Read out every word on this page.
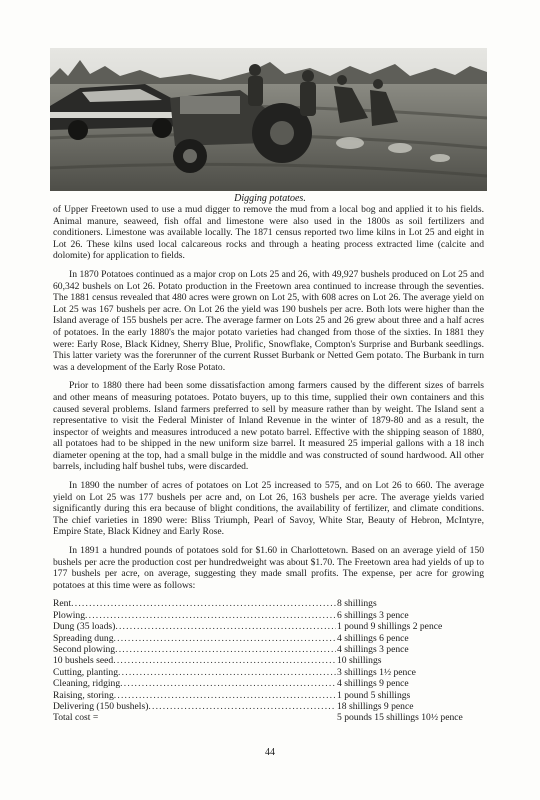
Digging potatoes.

of Upper Freetown used to use a mud digger to remove the mud from a local bog and applied it to his fields. Animal manure, seaweed, fish offal and limestone were also used in the 1800s as soil fertilizers and conditioners. Limestone was available locally. The 1871 census reported two lime kilns in Lot 25 and eight in Lot 26. These kilns used local calcareous rocks and through a heating process extracted lime (calcite and dolomite) for application to fields.

In 1870 Potatoes continued as a major crop on Lots 25 and 26, with 49,927 bushels produced on Lot 25 and 60,342 bushels on Lot 26. Potato production in the Freetown area continued to increase through the seventies. The 1881 census revealed that 480 acres were grown on Lot 25, with 608 acres on Lot 26. The average yield on Lot 25 was 167 bushels per acre. On Lot 26 the yield was 190 bushels per acre. Both lots were higher than the Island average of 155 bushels per acre. The average farmer on Lots 25 and 26 grew about three and a half acres of potatoes. In the early 1880's the major potato varieties had changed from those of the sixties. In 1881 they were: Early Rose, Black Kidney, Sherry Blue, Prolific, Snowflake, Compton's Surprise and Burbank seedlings. This latter variety was the forerunner of the current Russet Burbank or Netted Gem potato. The Burbank in turn was a development of the Early Rose Potato.

Prior to 1880 there had been some dissatisfaction among farmers caused by the different sizes of barrels and other means of measuring potatoes. Potato buyers, up to this time, supplied their own containers and this caused several problems. Island farmers preferred to sell by measure rather than by weight. The Island sent a representative to visit the Federal Minister of Inland Revenue in the winter of 1879-80 and as a result, the inspector of weights and measures introduced a new potato barrel. Effective with the shipping season of 1880, all potatoes had to be shipped in the new uniform size barrel. It measured 25 imperial gallons with a 18 inch diameter opening at the top, had a small bulge in the middle and was constructed of sound hardwood. All other barrels, including half bushel tubs, were discarded.

In 1890 the number of acres of potatoes on Lot 25 increased to 575, and on Lot 26 to 660. The average yield on Lot 25 was 177 bushels per acre and, on Lot 26, 163 bushels per acre. The average yields varied significantly during this era because of blight conditions, the availability of fertilizer, and climate conditions. The chief varieties in 1890 were: Bliss Triumph, Pearl of Savoy, White Star, Beauty of Hebron, McIntyre, Empire State, Black Kidney and Early Rose.

In 1891 a hundred pounds of potatoes sold for $1.60 in Charlottetown. Based on an average yield of 150 bushels per acre the production cost per hundredweight was about $1.70. The Freetown area had yields of up to 177 bushels per acre, on average, suggesting they made small profits. The expense, per acre for growing potatoes at this time were as follows:

Rent .....	8 shillings
Plowing .....	6 shillings 3 pence
Dung (35 loads) .....	1 pound 9 shillings 2 pence
Spreading dung .....	4 shillings 6 pence
Second plowing .....	4 shillings 3 pence
10 bushels seed .....	10 shillings
Cutting, planting .....	3 shillings 1½ pence
Cleaning, ridging .....	4 shillings 9 pence
Raising, storing .....	1 pound 5 shillings
Delivering (150 bushels) .....	18 shillings 9 pence
Total cost =	5 pounds 15 shillings 10½ pence
44
